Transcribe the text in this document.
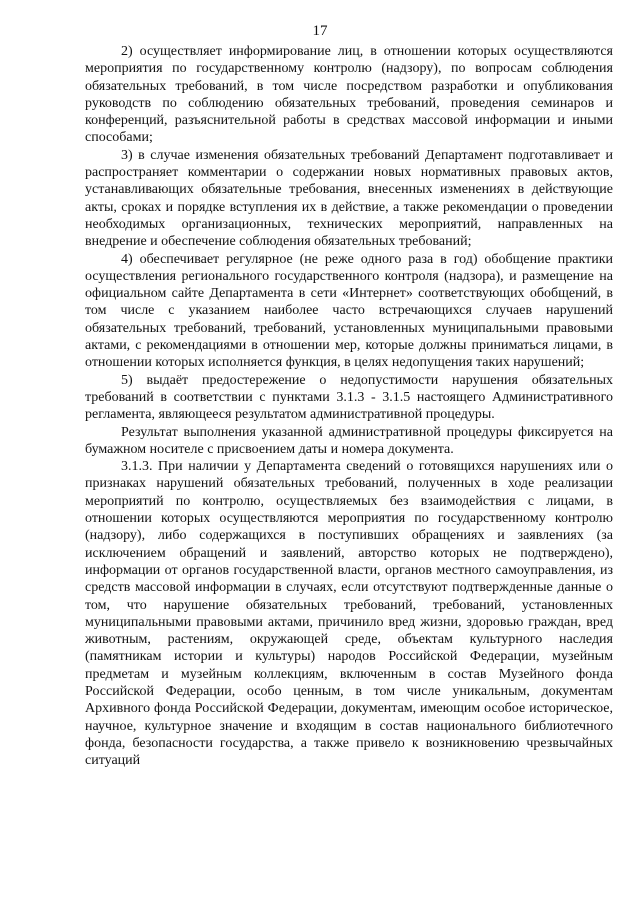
17

2) осуществляет информирование лиц, в отношении которых осуществляются мероприятия по государственному контролю (надзору), по вопросам соблюдения обязательных требований, в том числе посредством разработки и опубликования руководств по соблюдению обязательных требований, проведения семинаров и конференций, разъяснительной работы в средствах массовой информации и иными способами;

3) в случае изменения обязательных требований Департамент подготавливает и распространяет комментарии о содержании новых нормативных правовых актов, устанавливающих обязательные требования, внесенных изменениях в действующие акты, сроках и порядке вступления их в действие, а также рекомендации о проведении необходимых организационных, технических мероприятий, направленных на внедрение и обеспечение соблюдения обязательных требований;

4) обеспечивает регулярное (не реже одного раза в год) обобщение практики осуществления регионального государственного контроля (надзора), и размещение на официальном сайте Департамента в сети «Интернет» соответствующих обобщений, в том числе с указанием наиболее часто встречающихся случаев нарушений обязательных требований, требований, установленных муниципальными правовыми актами, с рекомендациями в отношении мер, которые должны приниматься лицами, в отношении которых исполняется функция, в целях недопущения таких нарушений;

5) выдаёт предостережение о недопустимости нарушения обязательных требований в соответствии с пунктами 3.1.3 - 3.1.5 настоящего Административного регламента, являющееся результатом административной процедуры.

Результат выполнения указанной административной процедуры фиксируется на бумажном носителе с присвоением даты и номера документа.

3.1.3. При наличии у Департамента сведений о готовящихся нарушениях или о признаках нарушений обязательных требований, полученных в ходе реализации мероприятий по контролю, осуществляемых без взаимодействия с лицами, в отношении которых осуществляются мероприятия по государственному контролю (надзору), либо содержащихся в поступивших обращениях и заявлениях (за исключением обращений и заявлений, авторство которых не подтверждено), информации от органов государственной власти, органов местного самоуправления, из средств массовой информации в случаях, если отсутствуют подтвержденные данные о том, что нарушение обязательных требований, требований, установленных муниципальными правовыми актами, причинило вред жизни, здоровью граждан, вред животным, растениям, окружающей среде, объектам культурного наследия (памятникам истории и культуры) народов Российской Федерации, музейным предметам и музейным коллекциям, включенным в состав Музейного фонда Российской Федерации, особо ценным, в том числе уникальным, документам Архивного фонда Российской Федерации, документам, имеющим особое историческое, научное, культурное значение и входящим в состав национального библиотечного фонда, безопасности государства, а также привело к возникновению чрезвычайных ситуаций
